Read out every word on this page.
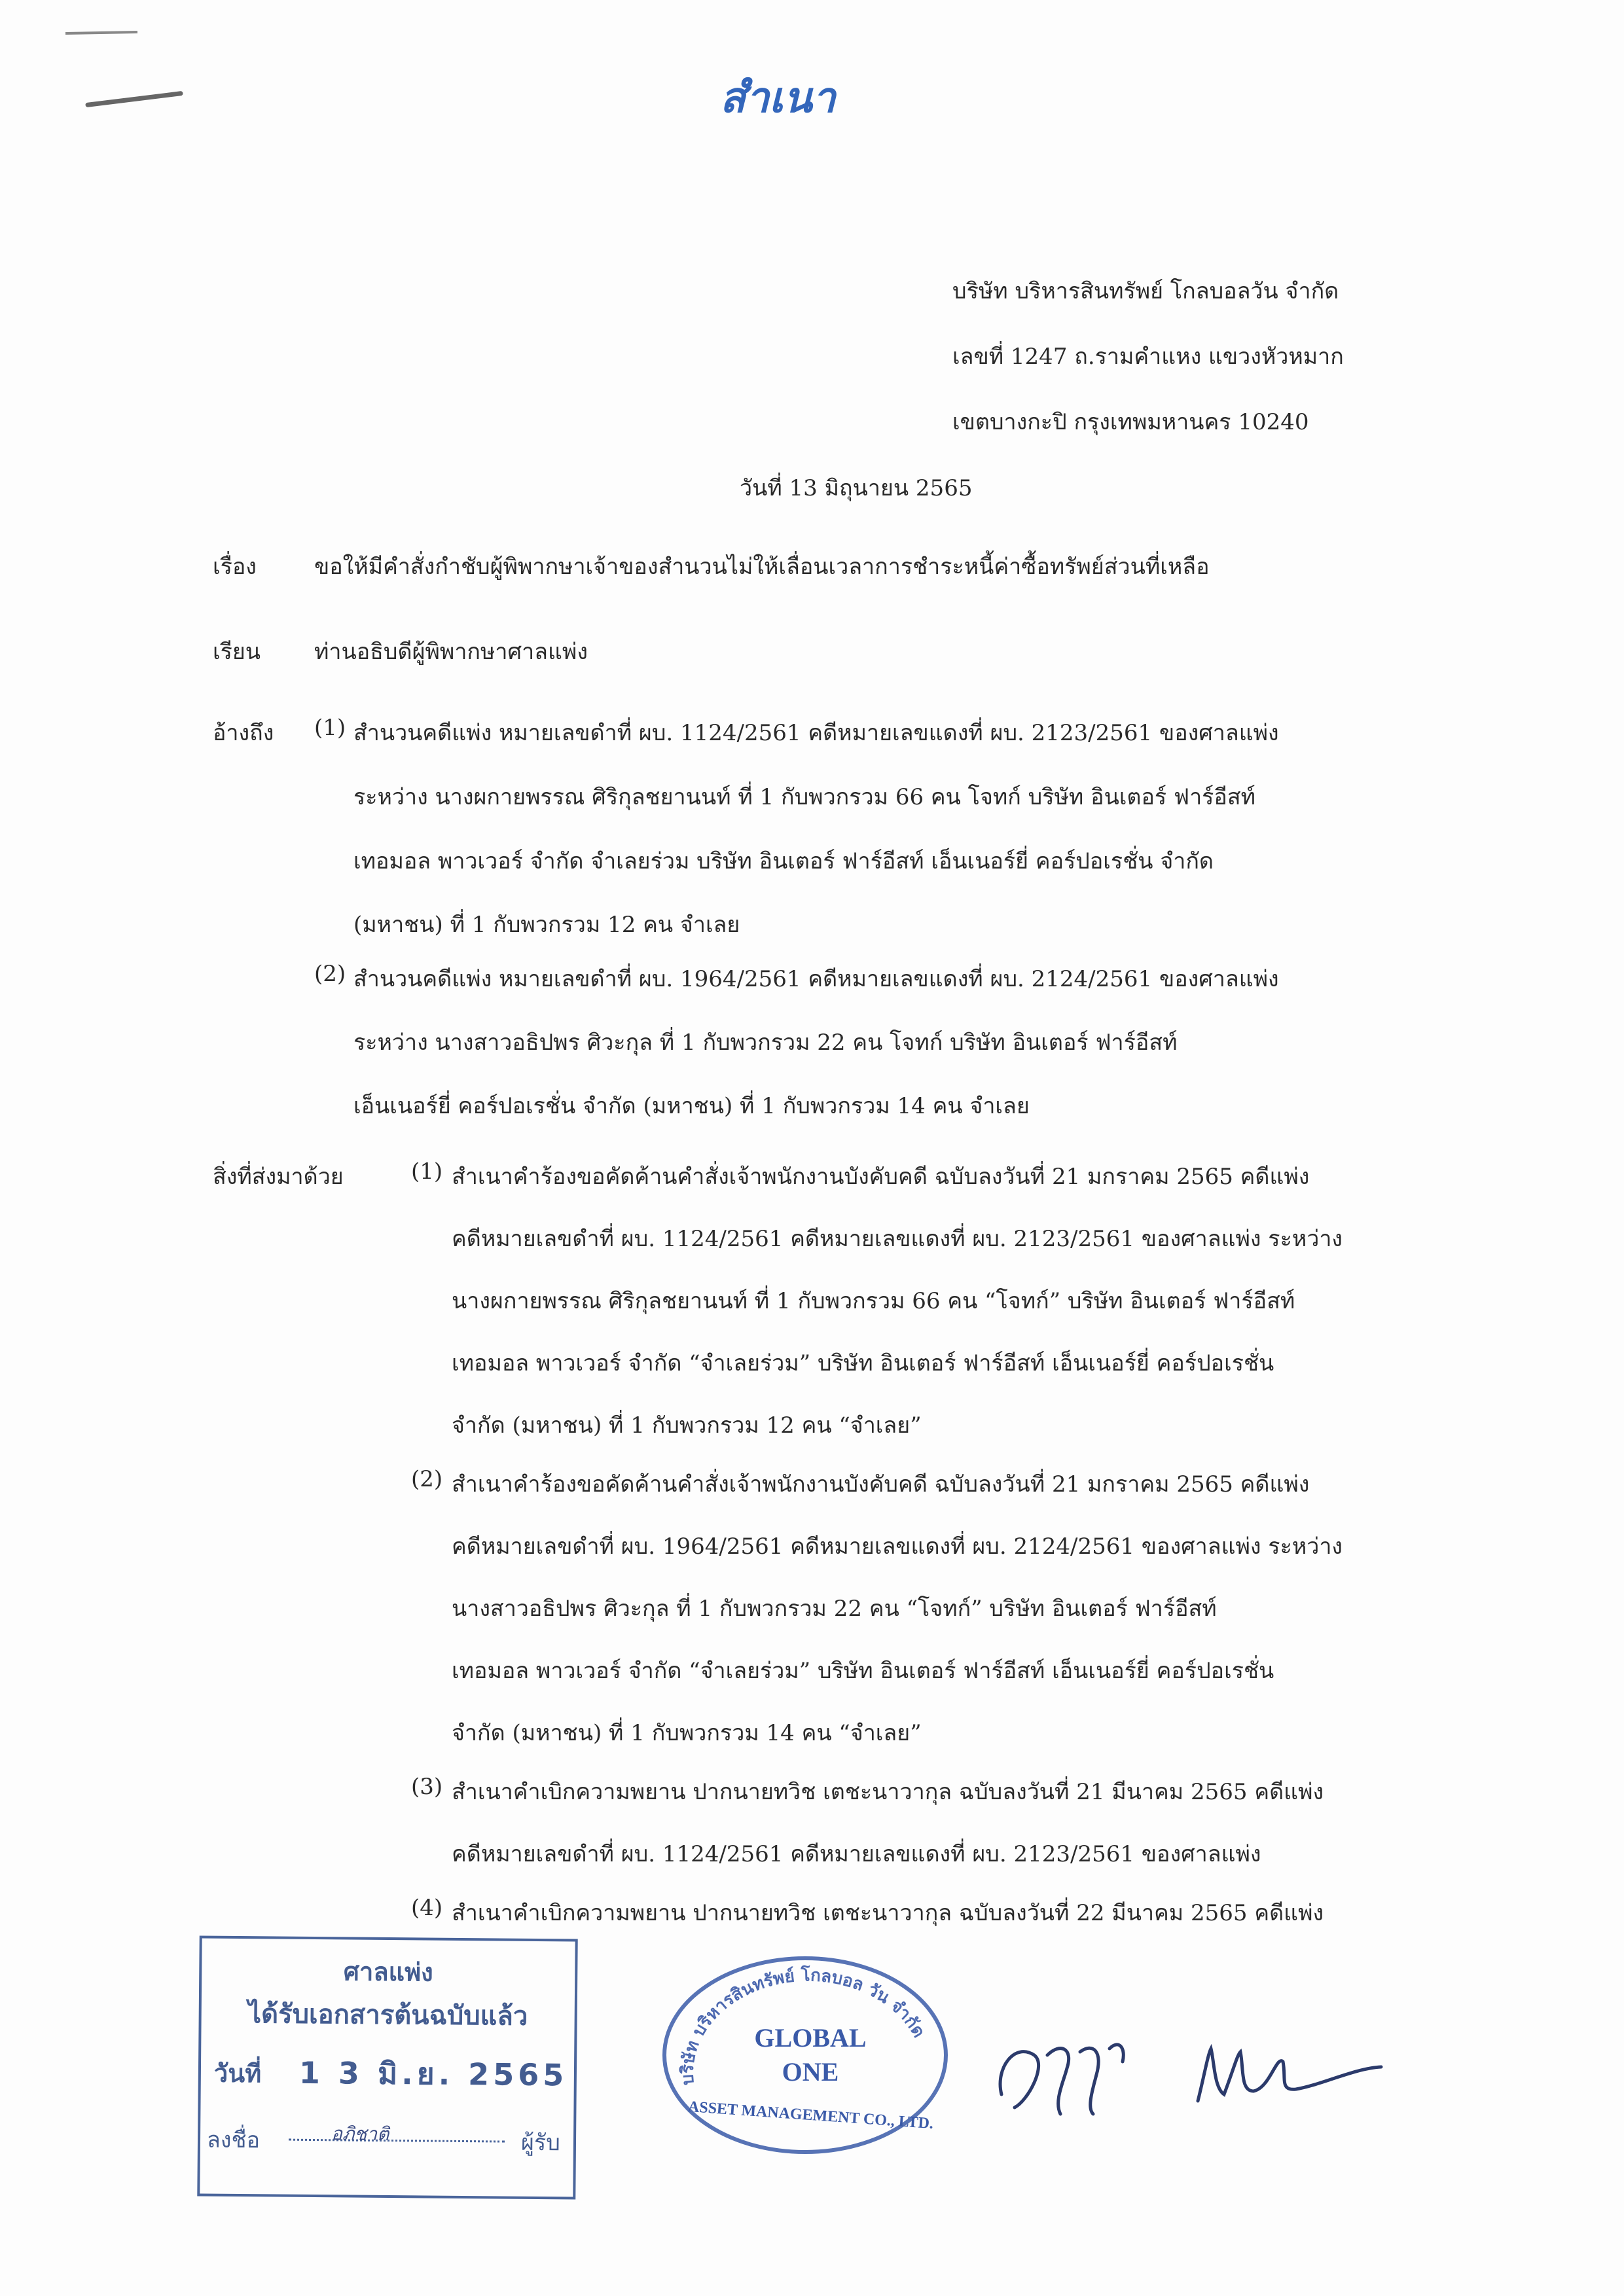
สำเนา
บริษัท บริหารสินทรัพย์ โกลบอลวัน จำกัด
เลขที่ 1247 ถ.รามคำแหง แขวงหัวหมาก
เขตบางกะปิ กรุงเทพมหานคร 10240
วันที่ 13 มิถุนายน 2565
เรื่อง	ขอให้มีคำสั่งกำชับผู้พิพากษาเจ้าของสำนวนไม่ให้เลื่อนเวลาการชำระหนี้ค่าซื้อทรัพย์ส่วนที่เหลือ
เรียน ท่านอธิบดีผู้พิพากษาศาลแพ่ง
อ้างถึง (1) สำนวนคดีแพ่ง หมายเลขดำที่ ผบ. 1124/2561 คดีหมายเลขแดงที่ ผบ. 2123/2561 ของศาลแพ่ง
ระหว่าง นางผกายพรรณ ศิริกุลชยานนท์ ที่ 1 กับพวกรวม 66 คน โจทก์ บริษัท อินเตอร์ ฟาร์อีสท์
เทอมอล พาวเวอร์ จำกัด จำเลยร่วม บริษัท อินเตอร์ ฟาร์อีสท์ เอ็นเนอร์ยี่ คอร์ปอเรชั่น จำกัด
(มหาชน) ที่ 1 กับพวกรวม 12 คน จำเลย
(2) สำนวนคดีแพ่ง หมายเลขดำที่ ผบ. 1964/2561 คดีหมายเลขแดงที่ ผบ. 2124/2561 ของศาลแพ่ง
ระหว่าง นางสาวอธิปพร ศิวะกุล ที่ 1 กับพวกรวม 22 คน โจทก์ บริษัท อินเตอร์ ฟาร์อีสท์
เอ็นเนอร์ยี่ คอร์ปอเรชั่น จำกัด (มหาชน) ที่ 1 กับพวกรวม 14 คน จำเลย
สิ่งที่ส่งมาด้วย	(1) สำเนาคำร้องขอคัดค้านคำสั่งเจ้าพนักงานบังคับคดี ฉบับลงวันที่ 21 มกราคม 2565 คดีแพ่ง
คดีหมายเลขดำที่ ผบ. 1124/2561 คดีหมายเลขแดงที่ ผบ. 2123/2561 ของศาลแพ่ง ระหว่าง
นางผกายพรรณ ศิริกุลชยานนท์ ที่ 1 กับพวกรวม 66 คน “โจทก์” บริษัท อินเตอร์ ฟาร์อีสท์
เทอมอล พาวเวอร์ จำกัด “จำเลยร่วม” บริษัท อินเตอร์ ฟาร์อีสท์ เอ็นเนอร์ยี่ คอร์ปอเรชั่น
จำกัด (มหาชน) ที่ 1 กับพวกรวม 12 คน “จำเลย”
(2) สำเนาคำร้องขอคัดค้านคำสั่งเจ้าพนักงานบังคับคดี ฉบับลงวันที่ 21 มกราคม 2565 คดีแพ่ง
คดีหมายเลขดำที่ ผบ. 1964/2561 คดีหมายเลขแดงที่ ผบ. 2124/2561 ของศาลแพ่ง ระหว่าง
นางสาวอธิปพร ศิวะกุล ที่ 1 กับพวกรวม 22 คน “โจทก์” บริษัท อินเตอร์ ฟาร์อีสท์
เทอมอล พาวเวอร์ จำกัด “จำเลยร่วม” บริษัท อินเตอร์ ฟาร์อีสท์ เอ็นเนอร์ยี่ คอร์ปอเรชั่น
จำกัด (มหาชน) ที่ 1 กับพวกรวม 14 คน “จำเลย”
(3) สำเนาคำเบิกความพยาน ปากนายทวิช เตชะนาวากุล ฉบับลงวันที่ 21 มีนาคม 2565 คดีแพ่ง
คดีหมายเลขดำที่ ผบ. 1124/2561 คดีหมายเลขแดงที่ ผบ. 2123/2561 ของศาลแพ่ง
(4) สำเนาคำเบิกความพยาน ปากนายทวิช เตชะนาวากุล ฉบับลงวันที่ 22 มีนาคม 2565 คดีแพ่ง
ศาลแพ่ง
ได้รับเอกสารต้นฉบับแล้ว
วันที่ 1 3 มิ.ย. 2565
ลงชื่อ	อภิชาติ	ผู้รับ
บริษัท บริหารสินทรัพย์ โกลบอล วัน จำกัด
GLOBAL
ONE
ASSET MANAGEMENT CO., LTD.
